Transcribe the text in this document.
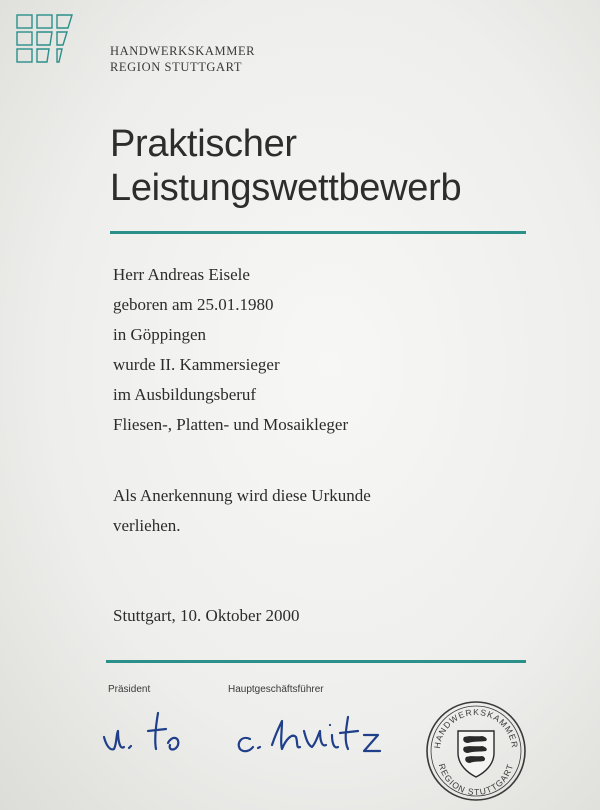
HANDWERKSKAMMER
REGION STUTTGART
Praktischer
Leistungswettbewerb
Herr Andreas Eisele
geboren am 25.01.1980
in Göppingen
wurde II. Kammersieger
im Ausbildungsberuf
Fliesen-, Platten- und Mosaikleger
Als Anerkennung wird diese Urkunde
verliehen.
Stuttgart, 10. Oktober 2000
Präsident	Hauptgeschäftsführer
HANDWERKSKAMMER
REGION STUTTGART
